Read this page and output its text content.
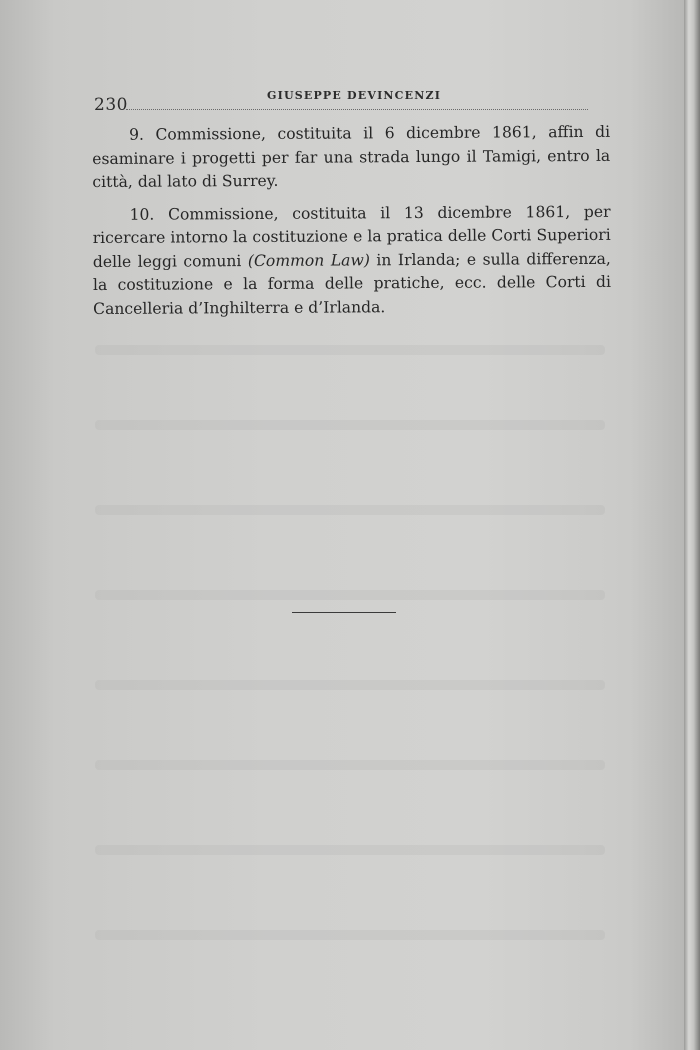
230	GIUSEPPE DEVINCENZI

9. Commissione, costituita il 6 dicembre 1861, affin di esaminare i progetti per far una strada lungo il Tamigi, entro la città, dal lato di Surrey.

10. Commissione, costituita il 13 dicembre 1861, per ricercare intorno la costituzione e la pratica delle Corti Superiori delle leggi comuni (Common Law) in Irlanda; e sulla differenza, la costituzione e la forma delle pratiche, ecc. delle Corti di Cancelleria d’Inghilterra e d’Irlanda.
